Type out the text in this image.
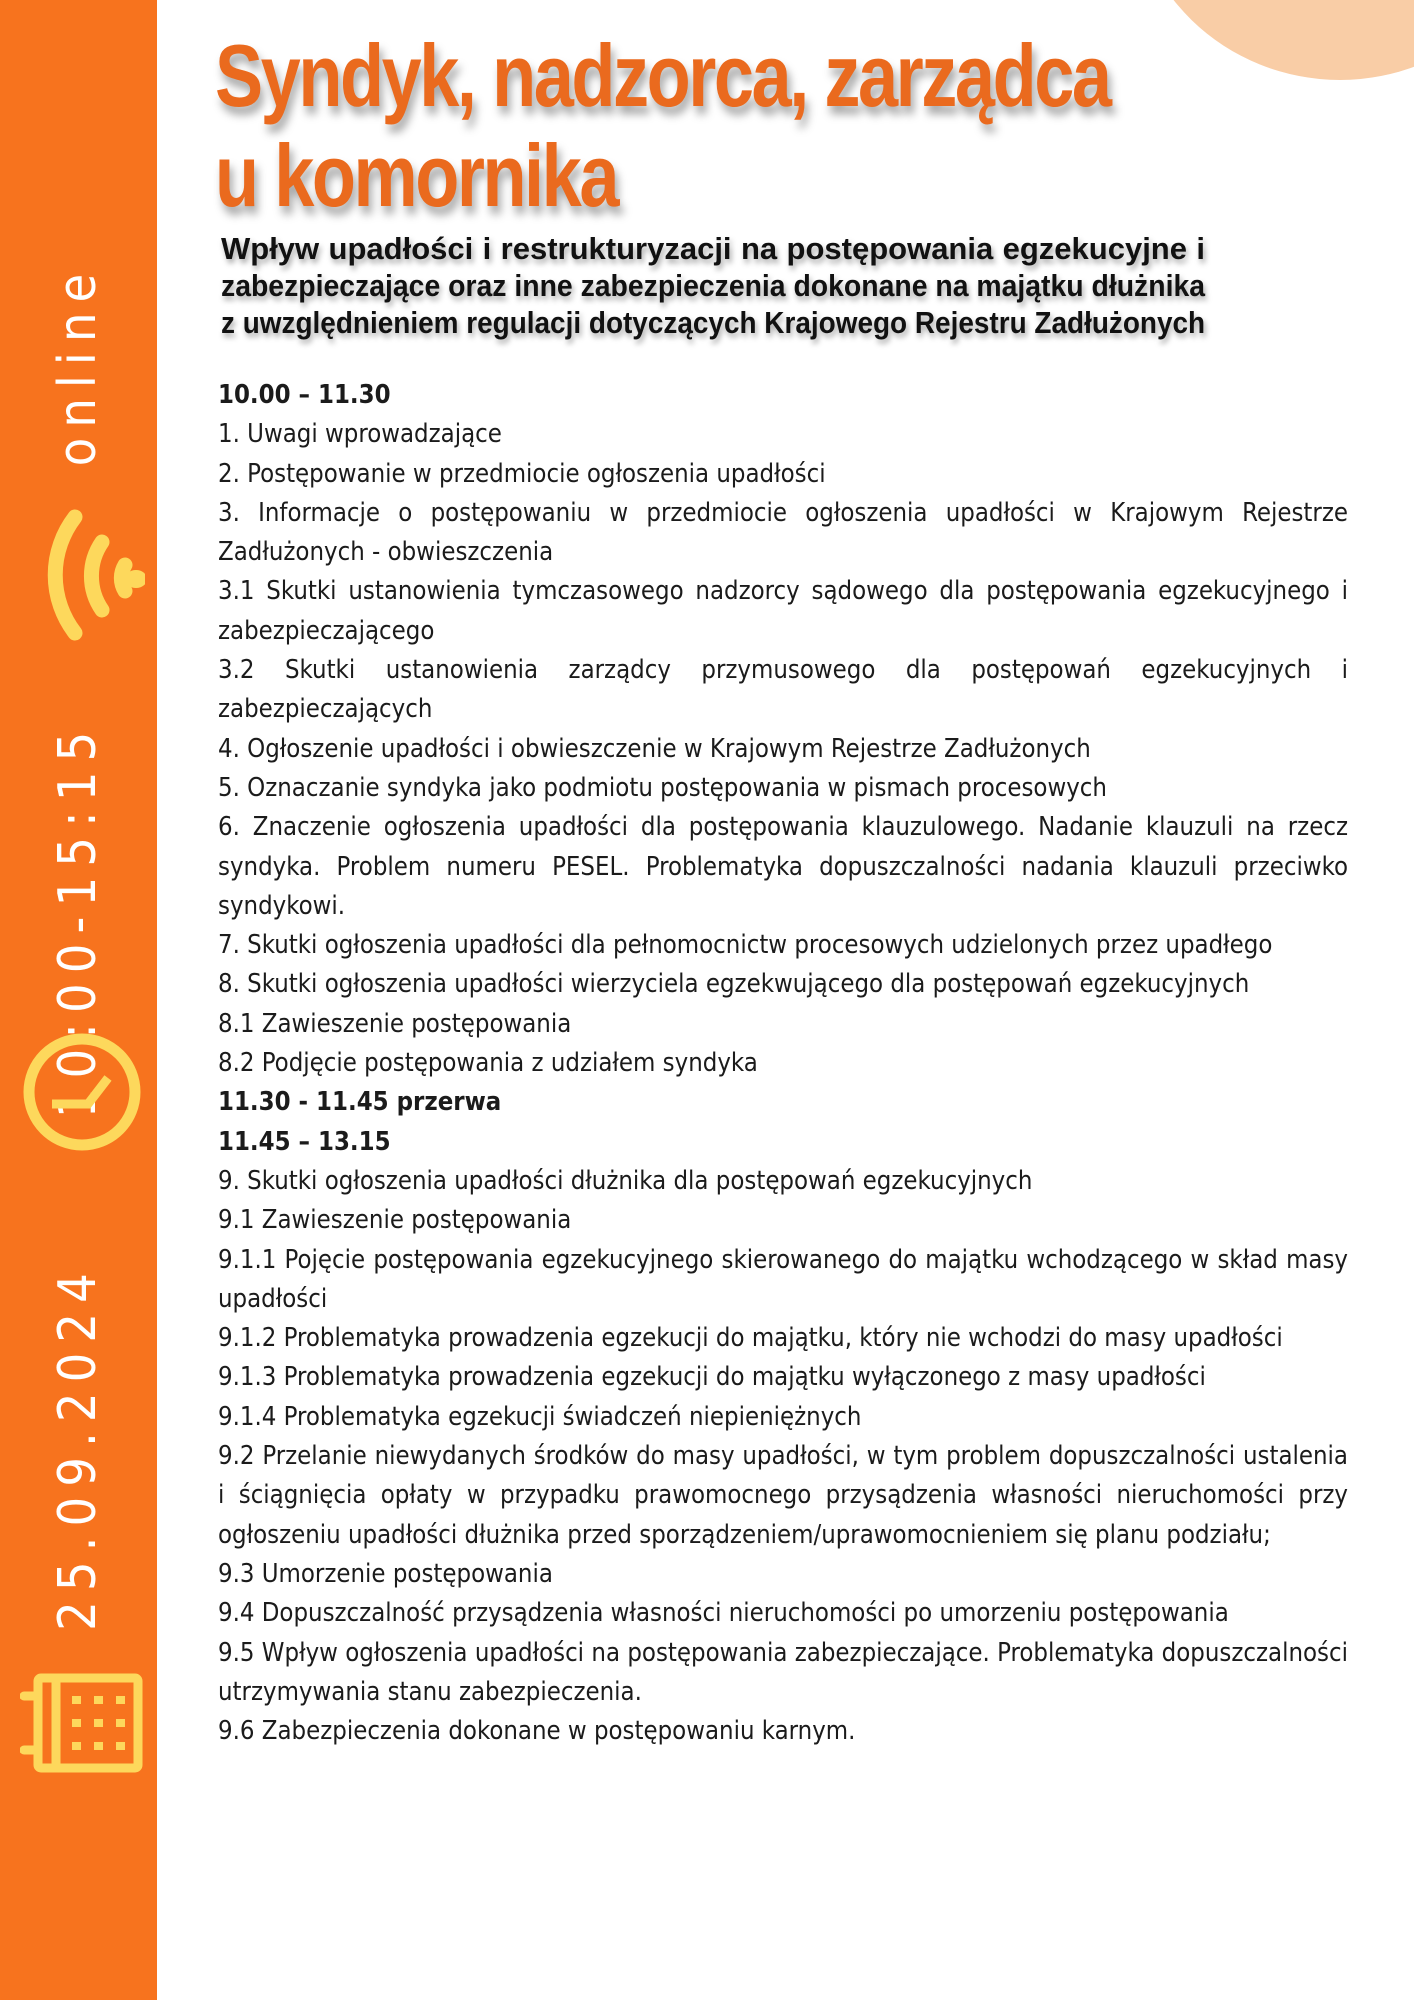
online
10:00-15:15
25.09.2024
Syndyk, nadzorca, zarządca
u komornika
Wpływ upadłości i restrukturyzacji na postępowania egzekucyjne i
zabezpieczające oraz inne zabezpieczenia dokonane na majątku dłużnika
z uwzględnieniem regulacji dotyczących Krajowego Rejestru Zadłużonych

10.00 – 11.30

1. Uwagi wprowadzające

2. Postępowanie w przedmiocie ogłoszenia upadłości

3. Informacje o postępowaniu w przedmiocie ogłoszenia upadłości w Krajowym Rejestrze Zadłużonych - obwieszczenia

3.1 Skutki ustanowienia tymczasowego nadzorcy sądowego dla postępowania egzekucyjnego i zabezpieczającego

3.2 Skutki ustanowienia zarządcy przymusowego dla postępowań egzekucyjnych i zabezpieczających

4. Ogłoszenie upadłości i obwieszczenie w Krajowym Rejestrze Zadłużonych

5. Oznaczanie syndyka jako podmiotu postępowania w pismach procesowych

6. Znaczenie ogłoszenia upadłości dla postępowania klauzulowego. Nadanie klauzuli na rzecz syndyka. Problem numeru PESEL. Problematyka dopuszczalności nadania klauzuli przeciwko syndykowi.

7. Skutki ogłoszenia upadłości dla pełnomocnictw procesowych udzielonych przez upadłego

8. Skutki ogłoszenia upadłości wierzyciela egzekwującego dla postępowań egzekucyjnych

8.1 Zawieszenie postępowania

8.2 Podjęcie postępowania z udziałem syndyka

11.30 - 11.45 przerwa

11.45 – 13.15

9. Skutki ogłoszenia upadłości dłużnika dla postępowań egzekucyjnych

9.1 Zawieszenie postępowania

9.1.1 Pojęcie postępowania egzekucyjnego skierowanego do majątku wchodzącego w skład masy upadłości

9.1.2 Problematyka prowadzenia egzekucji do majątku, który nie wchodzi do masy upadłości

9.1.3 Problematyka prowadzenia egzekucji do majątku wyłączonego z masy upadłości

9.1.4 Problematyka egzekucji świadczeń niepieniężnych

9.2 Przelanie niewydanych środków do masy upadłości, w tym problem dopuszczalności ustalenia i ściągnięcia opłaty w przypadku prawomocnego przysądzenia własności nieruchomości przy ogłoszeniu upadłości dłużnika przed sporządzeniem/uprawomocnieniem się planu podziału;

9.3 Umorzenie postępowania

9.4 Dopuszczalność przysądzenia własności nieruchomości po umorzeniu postępowania

9.5 Wpływ ogłoszenia upadłości na postępowania zabezpieczające. Problematyka dopuszczalności utrzymywania stanu zabezpieczenia.

9.6 Zabezpieczenia dokonane w postępowaniu karnym.
